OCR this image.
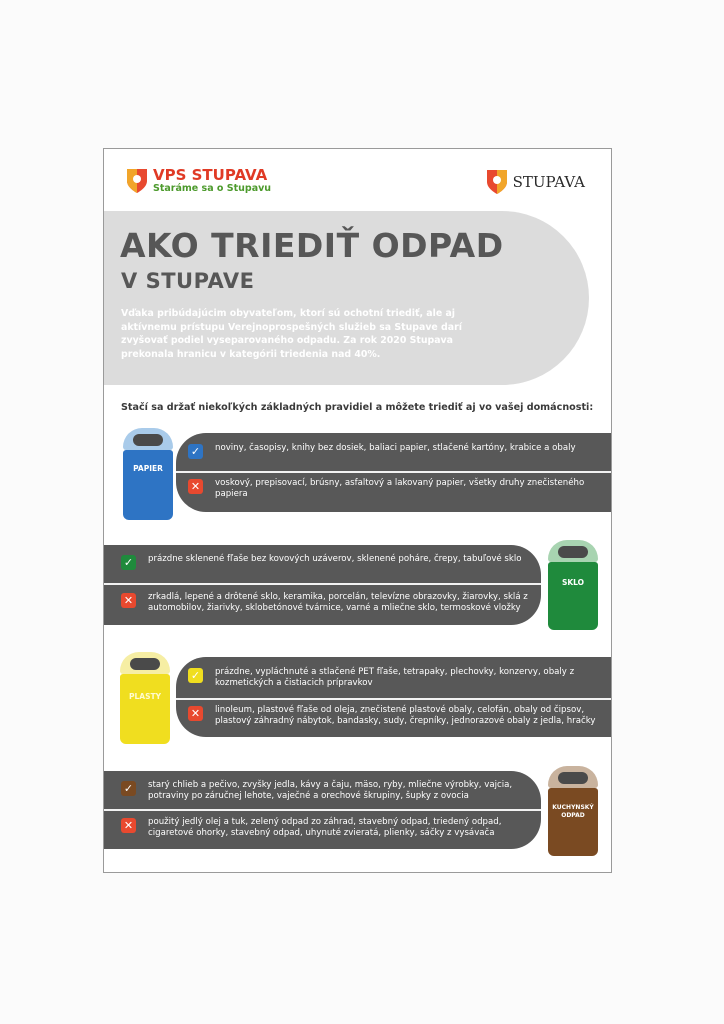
VPS STUPAVA
Staráme sa o Stupavu	STUPAVA
AKO TRIEDIŤ ODPAD
V STUPAVE
Vďaka pribúdajúcim obyvateľom, ktorí sú ochotní triediť, ale aj aktívnemu prístupu Verejnoprospešných služieb sa Stupave darí zvyšovať podiel vyseparovaného odpadu. Za rok 2020 Stupava prekonala hranicu v kategórii triedenia nad 40%.
Stačí sa držať niekoľkých základných pravidiel a môžete triediť aj vo vašej domácnosti:
✓	noviny, časopisy, knihy bez dosiek, baliaci papier, stlačené kartóny, krabice a obaly
✕	voskový, prepisovací, brúsny, asfaltový a lakovaný papier, všetky druhy znečisteného papiera
PAPIER
✓	prázdne sklenené fľaše bez kovových uzáverov, sklenené poháre, črepy, tabuľové sklo
✕	zrkadlá, lepené a drôtené sklo, keramika, porcelán, televízne obrazovky, žiarovky, sklá z automobilov, žiarivky, sklobetónové tvárnice, varné a mliečne sklo, termoskové vložky
SKLO
✓	prázdne, vypláchnuté a stlačené PET fľaše, tetrapaky, plechovky, konzervy, obaly z kozmetických a čistiacich prípravkov
✕	linoleum, plastové fľaše od oleja, znečistené plastové obaly, celofán, obaly od čipsov, plastový záhradný nábytok, bandasky, sudy, črepníky, jednorazové obaly z jedla, hračky
PLASTY
✓	starý chlieb a pečivo, zvyšky jedla, kávy a čaju, mäso, ryby, mliečne výrobky, vajcia, potraviny po záručnej lehote, vaječné a orechové škrupiny, šupky z ovocia
✕	použitý jedlý olej a tuk, zelený odpad zo záhrad, stavebný odpad, triedený odpad, cigaretové ohorky, stavebný odpad, uhynuté zvieratá, plienky, sáčky z vysávača
KUCHYNSKÝ ODPAD
